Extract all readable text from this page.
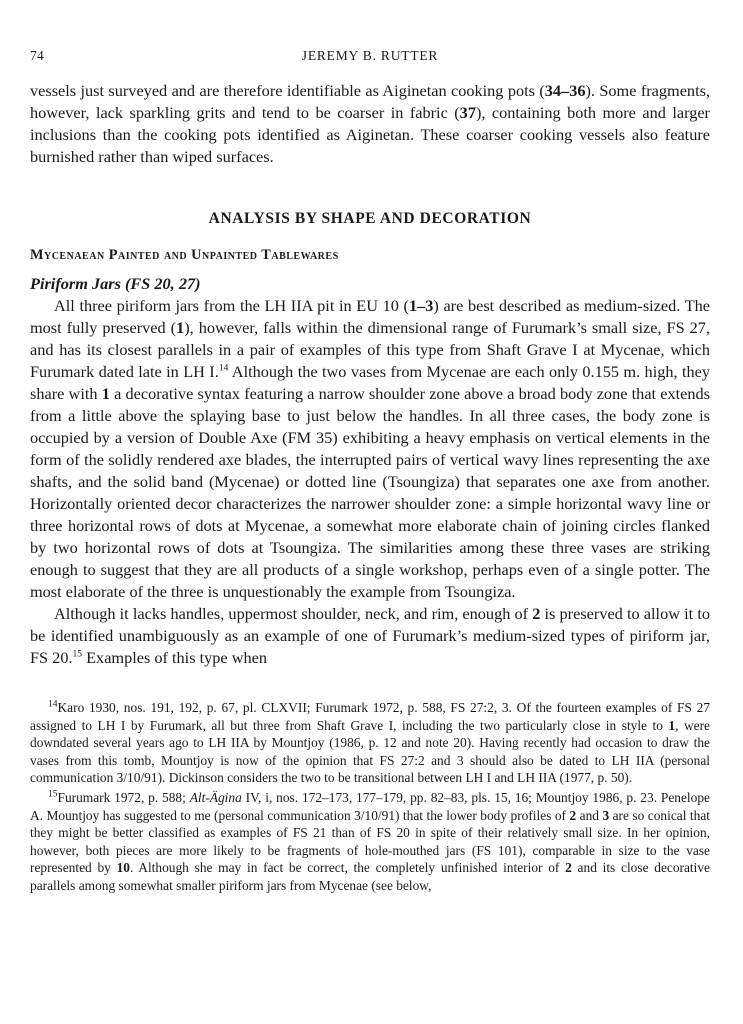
74	JEREMY B. RUTTER

vessels just surveyed and are therefore identifiable as Aiginetan cooking pots (34–36). Some fragments, however, lack sparkling grits and tend to be coarser in fabric (37), containing both more and larger inclusions than the cooking pots identified as Aiginetan. These coarser cooking vessels also feature burnished rather than wiped surfaces.

ANALYSIS BY SHAPE AND DECORATION
Mycenaean Painted and Unpainted Tablewares
Piriform Jars (FS 20, 27)

All three piriform jars from the LH IIA pit in EU 10 (1–3) are best described as medium-sized. The most fully preserved (1), however, falls within the dimensional range of Furumark’s small size, FS 27, and has its closest parallels in a pair of examples of this type from Shaft Grave I at Mycenae, which Furumark dated late in LH I.$^{14}$ Although the two vases from Mycenae are each only 0.155 m. high, they share with 1 a decorative syntax featuring a narrow shoulder zone above a broad body zone that extends from a little above the splaying base to just below the handles. In all three cases, the body zone is occupied by a version of Double Axe (FM 35) exhibiting a heavy emphasis on vertical elements in the form of the solidly rendered axe blades, the interrupted pairs of vertical wavy lines representing the axe shafts, and the solid band (Mycenae) or dotted line (Tsoungiza) that separates one axe from another. Horizontally oriented decor characterizes the narrower shoulder zone: a simple horizontal wavy line or three horizontal rows of dots at Mycenae, a somewhat more elaborate chain of joining circles flanked by two horizontal rows of dots at Tsoungiza. The similarities among these three vases are striking enough to suggest that they are all products of a single workshop, perhaps even of a single potter. The most elaborate of the three is unquestionably the example from Tsoungiza.

Although it lacks handles, uppermost shoulder, neck, and rim, enough of 2 is preserved to allow it to be identified unambiguously as an example of one of Furumark’s medium-sized types of piriform jar, FS 20.15 Examples of this type when

$^{14}$Karo 1930, nos. 191, 192, p. 67, pl. CLXVII; Furumark 1972, p. 588, FS 27:2, 3. Of the fourteen examples of FS 27 assigned to LH I by Furumark, all but three from Shaft Grave I, including the two particularly close in style to 1, were downdated several years ago to LH IIA by Mountjoy (1986, p. 12 and note 20). Having recently had occasion to draw the vases from this tomb, Mountjoy is now of the opinion that FS 27:2 and 3 should also be dated to LH IIA (personal communication 3/10/91). Dickinson considers the two to be transitional between LH I and LH IIA (1977, p. 50).

$^{15}$Furumark 1972, p. 588; Alt-Ägina IV, i, nos. 172–173, 177–179, pp. 82–83, pls. 15, 16; Mountjoy 1986, p. 23. Penelope A. Mountjoy has suggested to me (personal communication 3/10/91) that the lower body profiles of 2 and 3 are so conical that they might be better classified as examples of FS 21 than of FS 20 in spite of their relatively small size. In her opinion, however, both pieces are more likely to be fragments of hole-mouthed jars (FS 101), comparable in size to the vase represented by 10. Although she may in fact be correct, the completely unfinished interior of 2 and its close decorative parallels among somewhat smaller piriform jars from Mycenae (see below,
